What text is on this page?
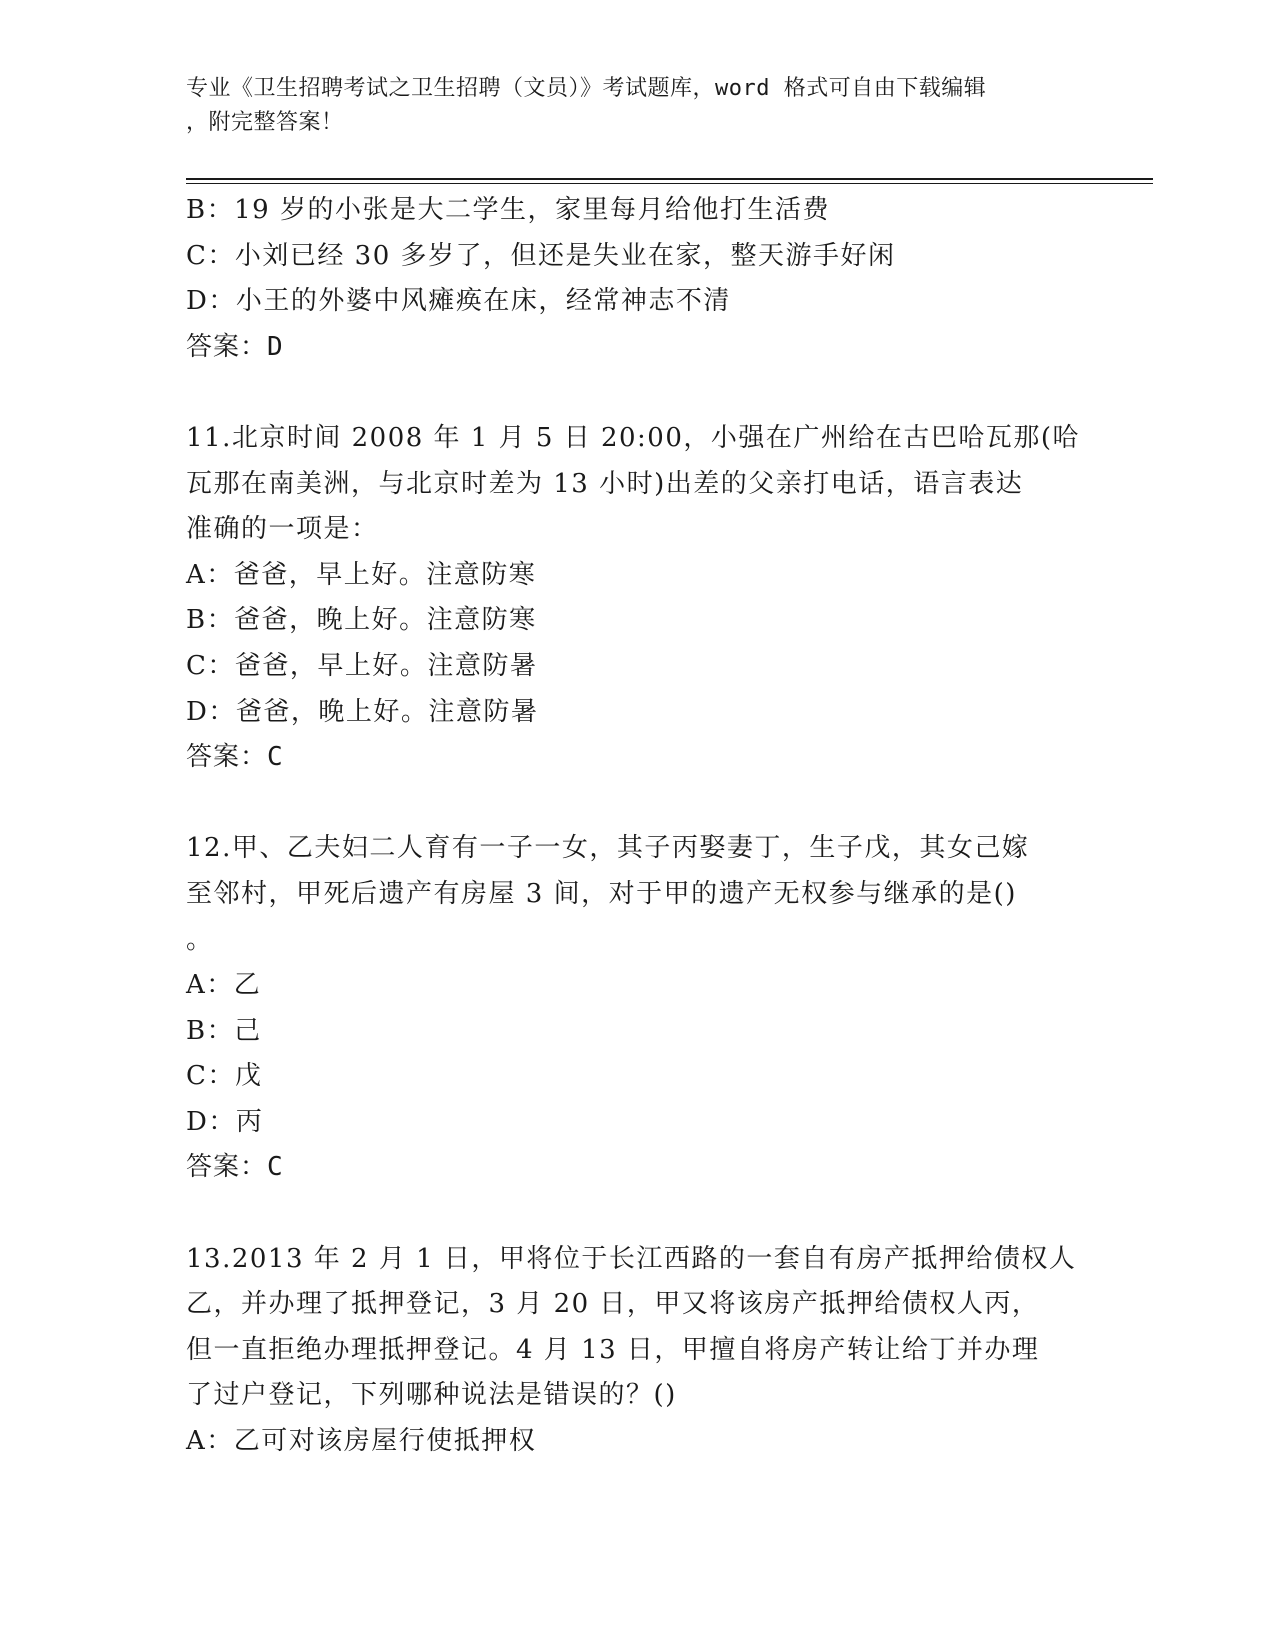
专业《卫生招聘考试之卫生招聘（文员）》考试题库，word 格式可自由下载编辑
，附完整答案！
B：19 岁的小张是大二学生，家里每月给他打生活费
C：小刘已经 30 多岁了，但还是失业在家，整天游手好闲
D：小王的外婆中风瘫痪在床，经常神志不清
答案：D
11.北京时间 2008 年 1 月 5 日 20:00，小强在广州给在古巴哈瓦那(哈
瓦那在南美洲，与北京时差为 13 小时)出差的父亲打电话，语言表达
准确的一项是：
A：爸爸，早上好。注意防寒
B：爸爸，晚上好。注意防寒
C：爸爸，早上好。注意防暑
D：爸爸，晚上好。注意防暑
答案：C
12.甲、乙夫妇二人育有一子一女，其子丙娶妻丁，生子戊，其女己嫁
至邻村，甲死后遗产有房屋 3 间，对于甲的遗产无权参与继承的是()
。
A：乙
B：己
C：戊
D：丙
答案：C
13.2013 年 2 月 1 日，甲将位于长江西路的一套自有房产抵押给债权人
乙，并办理了抵押登记，3 月 20 日，甲又将该房产抵押给债权人丙，
但一直拒绝办理抵押登记。4 月 13 日，甲擅自将房产转让给丁并办理
了过户登记，下列哪种说法是错误的？()
A：乙可对该房屋行使抵押权
